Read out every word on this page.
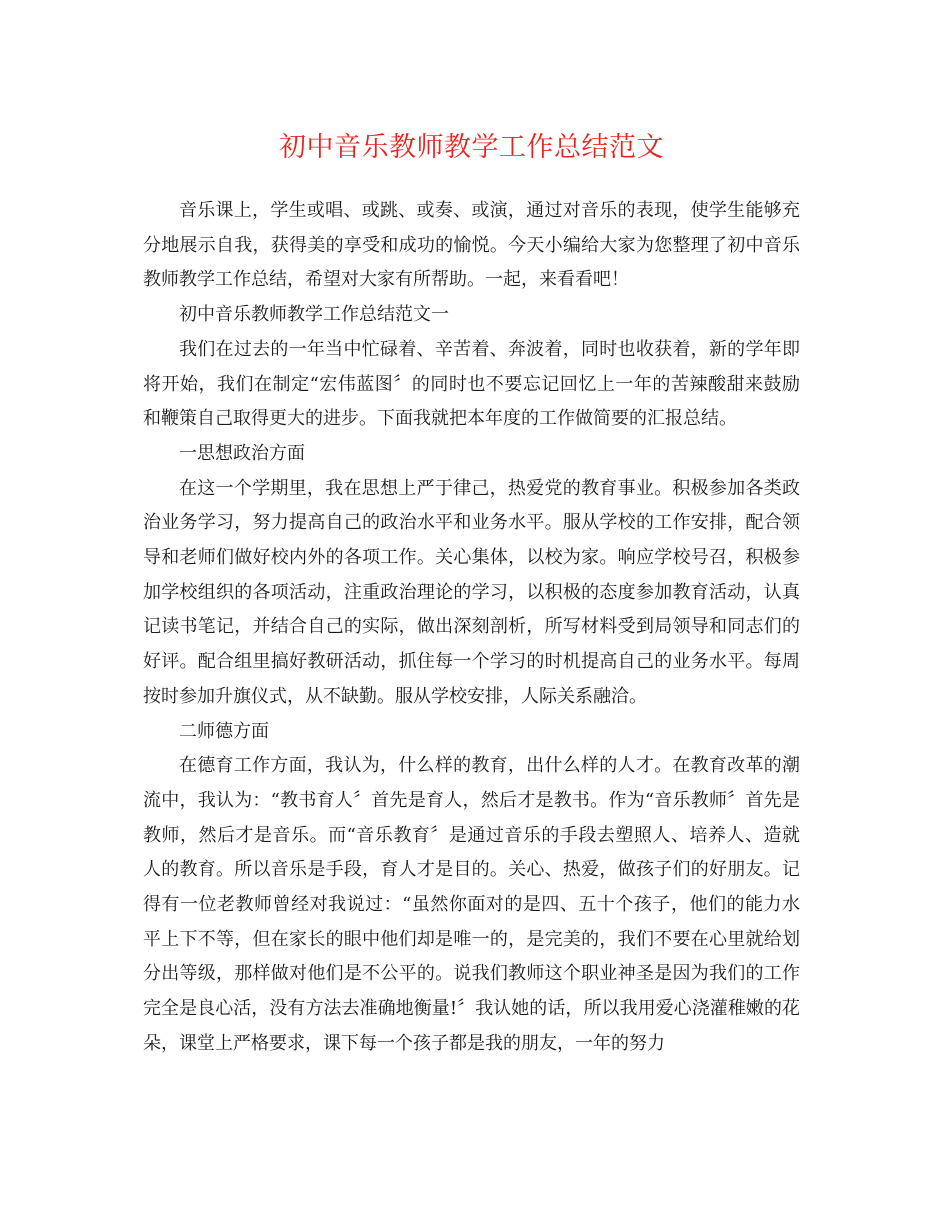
初中音乐教师教学工作总结范文

音乐课上，学生或唱、或跳、或奏、或演，通过对音乐的表现，使学生能够充分地展示自我，获得美的享受和成功的愉悦。今天小编给大家为您整理了初中音乐教师教学工作总结，希望对大家有所帮助。一起，来看看吧！

初中音乐教师教学工作总结范文一

我们在过去的一年当中忙碌着、辛苦着、奔波着，同时也收获着，新的学年即将开始，我们在制定“宏伟蓝图〞的同时也不要忘记回忆上一年的苦辣酸甜来鼓励和鞭策自己取得更大的进步。下面我就把本年度的工作做简要的汇报总结。

一思想政治方面

在这一个学期里，我在思想上严于律己，热爱党的教育事业。积极参加各类政治业务学习，努力提高自己的政治水平和业务水平。服从学校的工作安排，配合领导和老师们做好校内外的各项工作。关心集体，以校为家。响应学校号召，积极参加学校组织的各项活动，注重政治理论的学习，以积极的态度参加教育活动，认真记读书笔记，并结合自己的实际，做出深刻剖析，所写材料受到局领导和同志们的好评。配合组里搞好教研活动，抓住每一个学习的时机提高自己的业务水平。每周按时参加升旗仪式，从不缺勤。服从学校安排，人际关系融洽。

二师德方面

在德育工作方面，我认为，什么样的教育，出什么样的人才。在教育改革的潮流中，我认为：“教书育人〞首先是育人，然后才是教书。作为“音乐教师〞首先是教师，然后才是音乐。而“音乐教育〞是通过音乐的手段去塑照人、培养人、造就人的教育。所以音乐是手段，育人才是目的。关心、热爱，做孩子们的好朋友。记得有一位老教师曾经对我说过：“虽然你面对的是四、五十个孩子，他们的能力水平上下不等，但在家长的眼中他们却是唯一的，是完美的，我们不要在心里就给划分出等级，那样做对他们是不公平的。说我们教师这个职业神圣是因为我们的工作完全是良心活，没有方法去准确地衡量!〞我认她的话，所以我用爱心浇灌稚嫩的花朵，课堂上严格要求，课下每一个孩子都是我的朋友，一年的努力
